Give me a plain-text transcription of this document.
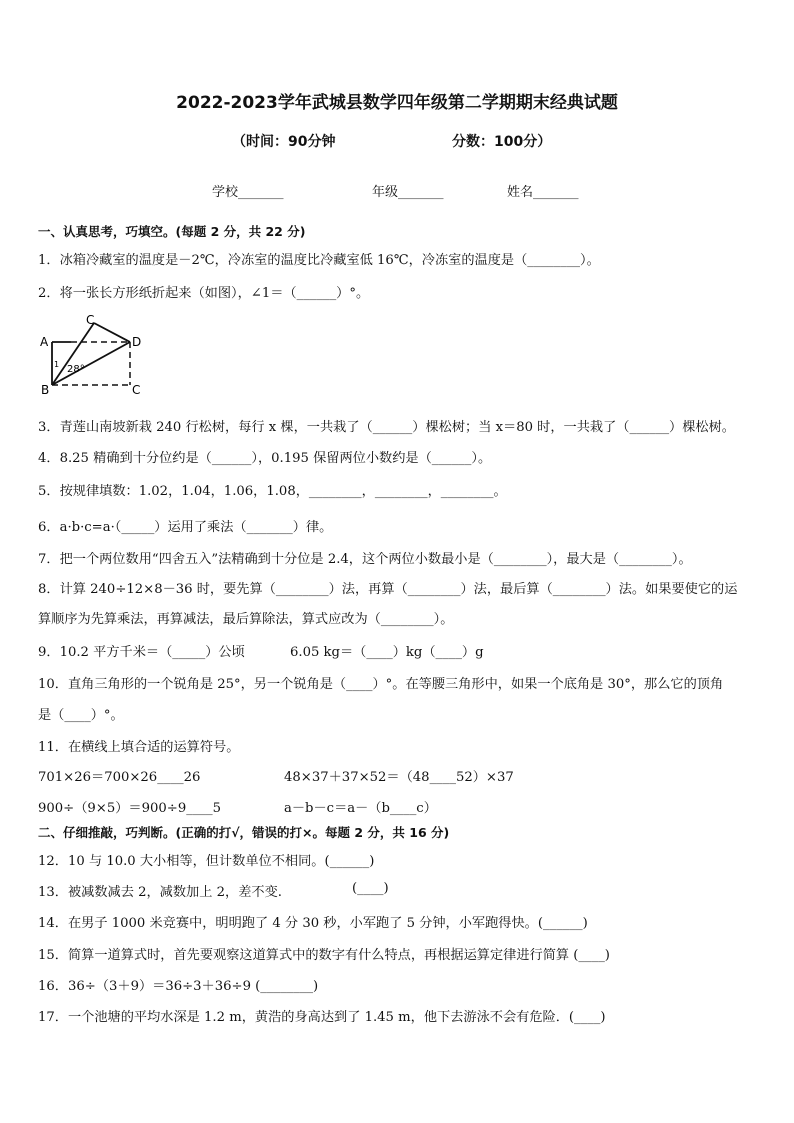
2022-2023学年武城县数学四年级第二学期期末经典试题
（时间：90分钟	分数：100分）
学校_______	年级_______	姓名_______
一、认真思考，巧填空。(每题 2 分，共 22 分)
1．冰箱冷藏室的温度是－2℃，冷冻室的温度比冷藏室低 16℃，冷冻室的温度是（________）。
2．将一张长方形纸折起来（如图），∠1＝（______）°。
A
B
C
D
C
1 28°
3．青莲山南坡新栽 240 行松树，每行 x 棵，一共栽了（______）棵松树；当 x＝80 时，一共栽了（______）棵松树。
4．8.25 精确到十分位约是（______），0.195 保留两位小数约是（______）。
5．按规律填数：1.02，1.04，1.06，1.08，________，________，________。
6．a·b·c=a·（_____）运用了乘法（_______）律。
7．把一个两位数用“四舍五入”法精确到十分位是 2.4，这个两位小数最小是（________），最大是（________）。
8．计算 240÷12×8－36 时，要先算（________）法，再算（________）法，最后算（________）法。如果要使它的运
算顺序为先算乘法，再算减法，最后算除法，算式应改为（________）。
9．10.2 平方千米＝（_____）公顷	6.05 kg＝（____）kg（____）g
10．直角三角形的一个锐角是 25°，另一个锐角是（____）°。在等腰三角形中，如果一个底角是 30°，那么它的顶角
是（____）°。
11．在横线上填合适的运算符号。
701×26＝700×26____26	48×37＋37×52＝（48____52）×37
900÷（9×5）＝900÷9____5	a－b－c＝a－（b____c）
二、仔细推敲，巧判断。(正确的打√，错误的打×。每题 2 分，共 16 分)
12．10 与 10.0 大小相等，但计数单位不相同。(______)
13．被减数减去 2，减数加上 2，差不变.	(____)
14．在男子 1000 米竞赛中，明明跑了 4 分 30 秒，小军跑了 5 分钟，小军跑得快。(______)
15．简算一道算式时，首先要观察这道算式中的数字有什么特点，再根据运算定律进行简算 (____)
16．36÷（3＋9）＝36÷3＋36÷9 (________)
17．一个池塘的平均水深是 1.2 m，黄浩的身高达到了 1.45 m，他下去游泳不会有危险．(____)
